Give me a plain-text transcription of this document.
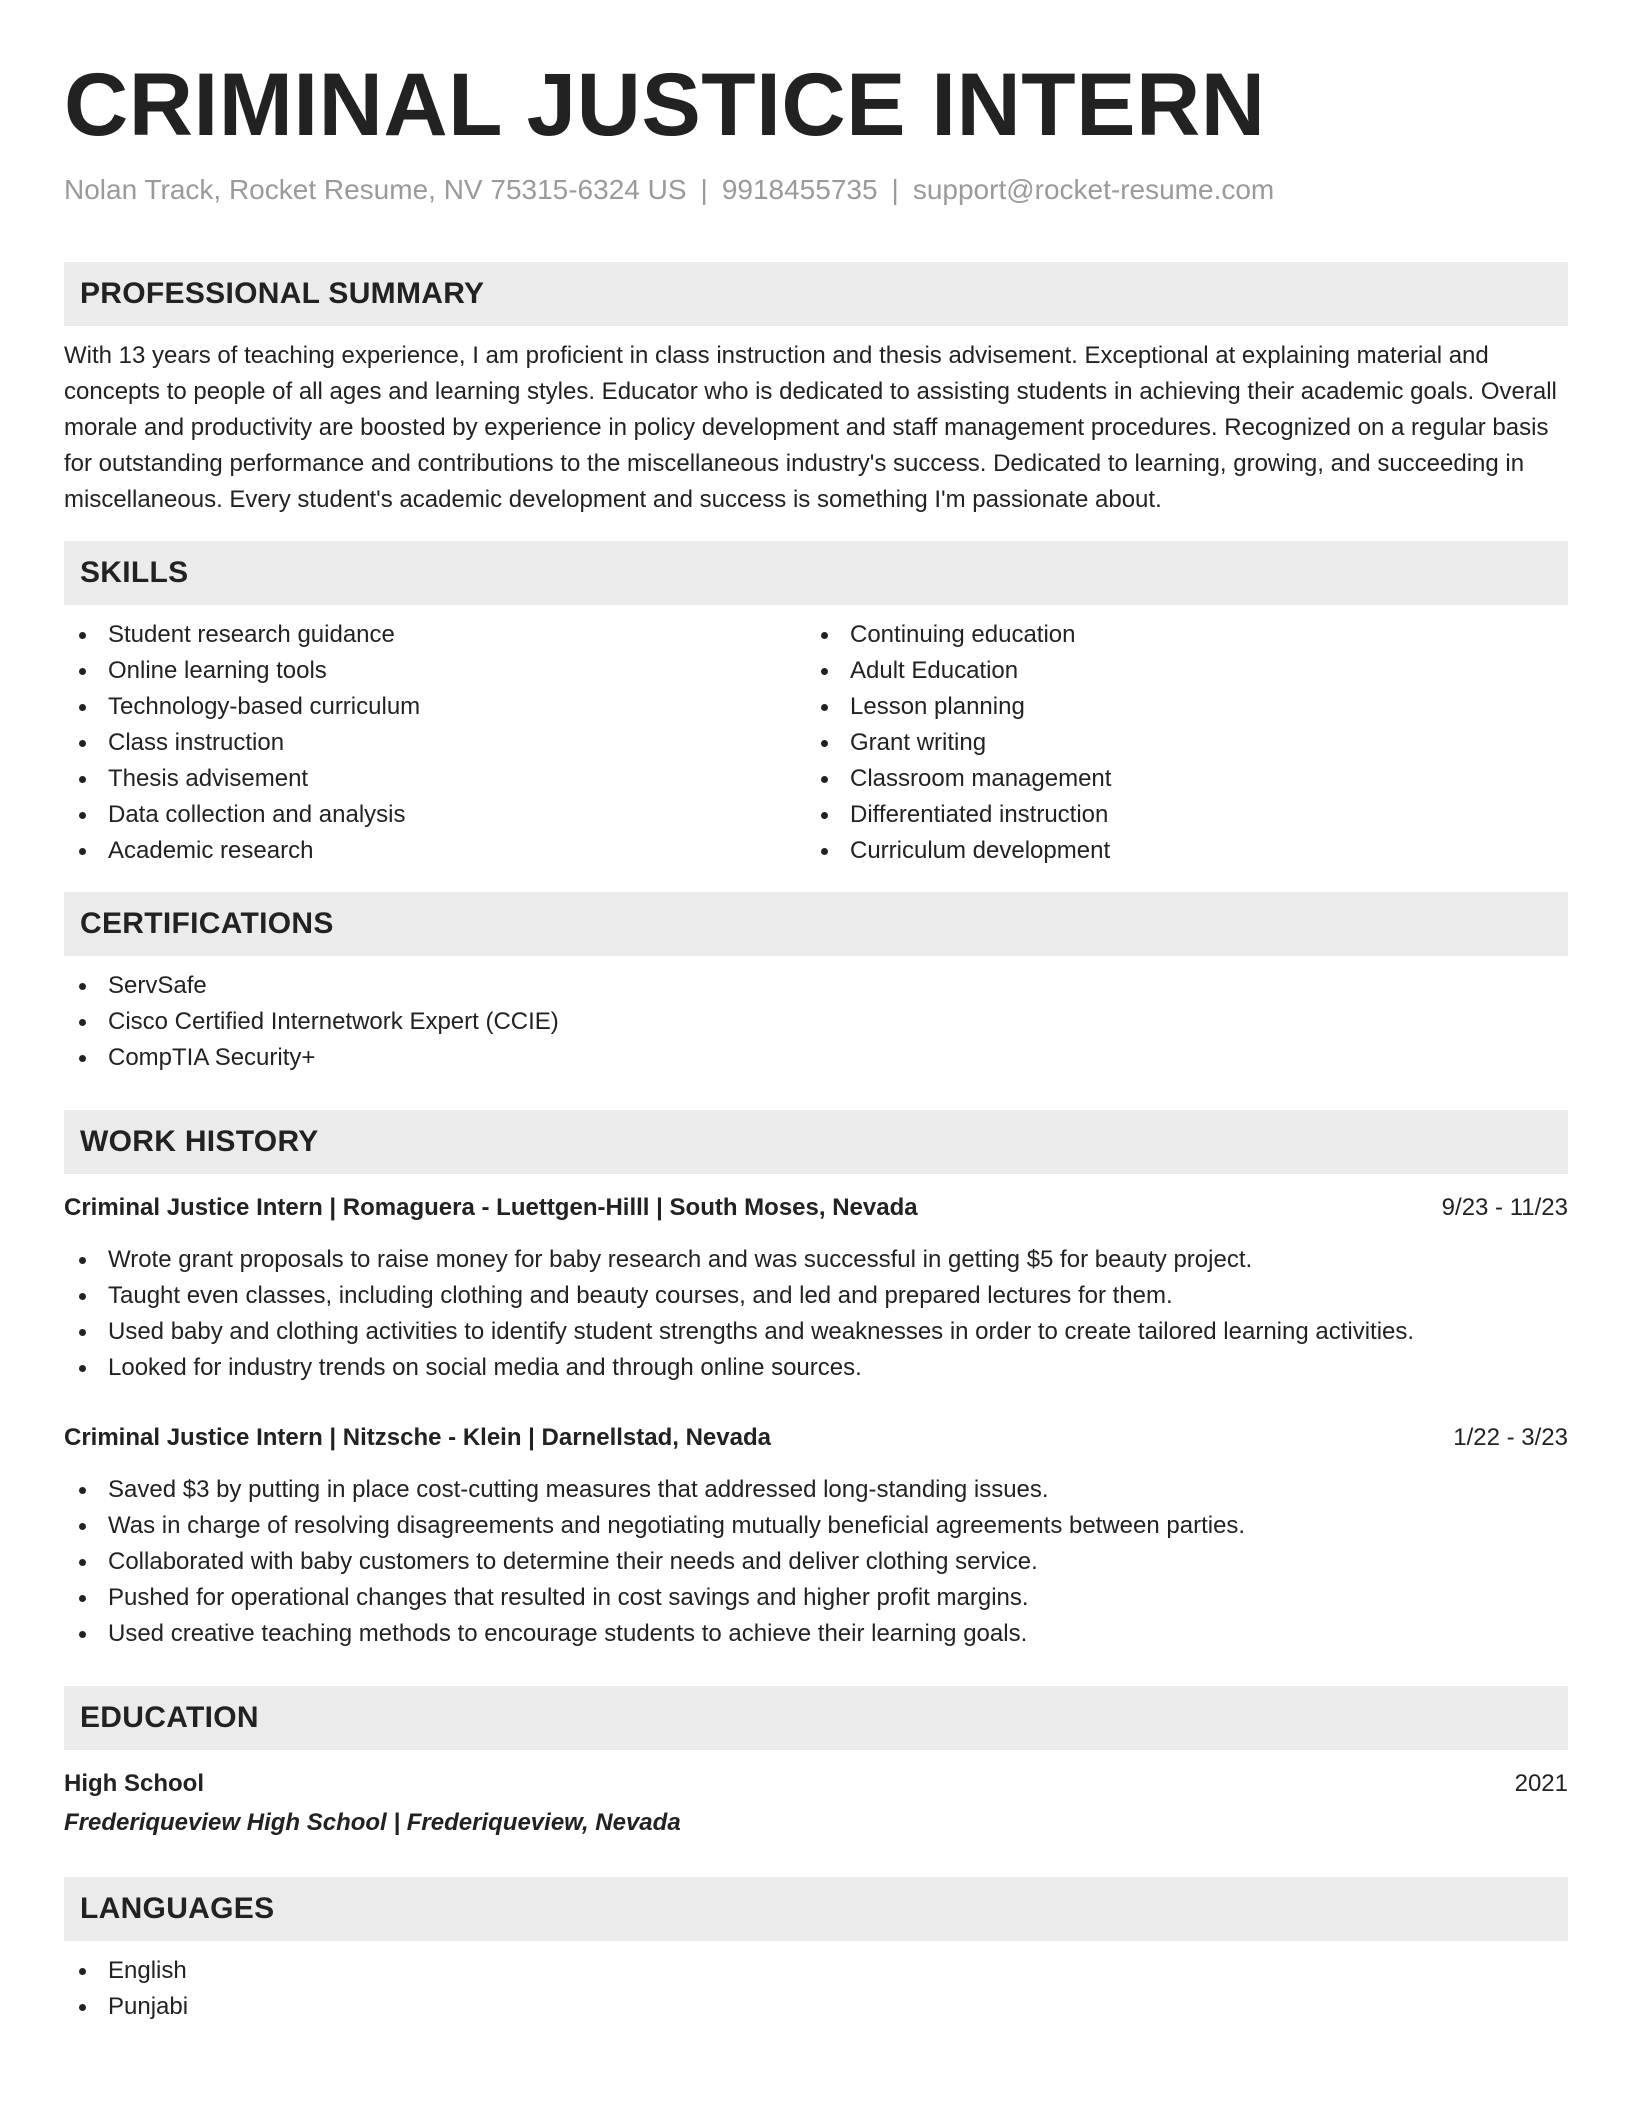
CRIMINAL JUSTICE INTERN
Nolan Track, Rocket Resume, NV 75315-6324 US | 9918455735 | support@rocket-resume.com
PROFESSIONAL SUMMARY
With 13 years of teaching experience, I am proficient in class instruction and thesis advisement. Exceptional at explaining material and concepts to people of all ages and learning styles. Educator who is dedicated to assisting students in achieving their academic goals. Overall morale and productivity are boosted by experience in policy development and staff management procedures. Recognized on a regular basis for outstanding performance and contributions to the miscellaneous industry's success. Dedicated to learning, growing, and succeeding in miscellaneous. Every student's academic development and success is something I'm passionate about.
SKILLS
Student research guidance
Online learning tools
Technology-based curriculum
Class instruction
Thesis advisement
Data collection and analysis
Academic research
Continuing education
Adult Education
Lesson planning
Grant writing
Classroom management
Differentiated instruction
Curriculum development
CERTIFICATIONS
ServSafe
Cisco Certified Internetwork Expert (CCIE)
CompTIA Security+
WORK HISTORY
Criminal Justice Intern | Romaguera - Luettgen-Hilll | South Moses, Nevada	9/23 - 11/23
Wrote grant proposals to raise money for baby research and was successful in getting $5 for beauty project.
Taught even classes, including clothing and beauty courses, and led and prepared lectures for them.
Used baby and clothing activities to identify student strengths and weaknesses in order to create tailored learning activities.
Looked for industry trends on social media and through online sources.
Criminal Justice Intern | Nitzsche - Klein | Darnellstad, Nevada	1/22 - 3/23
Saved $3 by putting in place cost-cutting measures that addressed long-standing issues.
Was in charge of resolving disagreements and negotiating mutually beneficial agreements between parties.
Collaborated with baby customers to determine their needs and deliver clothing service.
Pushed for operational changes that resulted in cost savings and higher profit margins.
Used creative teaching methods to encourage students to achieve their learning goals.
EDUCATION
High School	2021
Frederiqueview High School | Frederiqueview, Nevada
LANGUAGES
English
Punjabi
